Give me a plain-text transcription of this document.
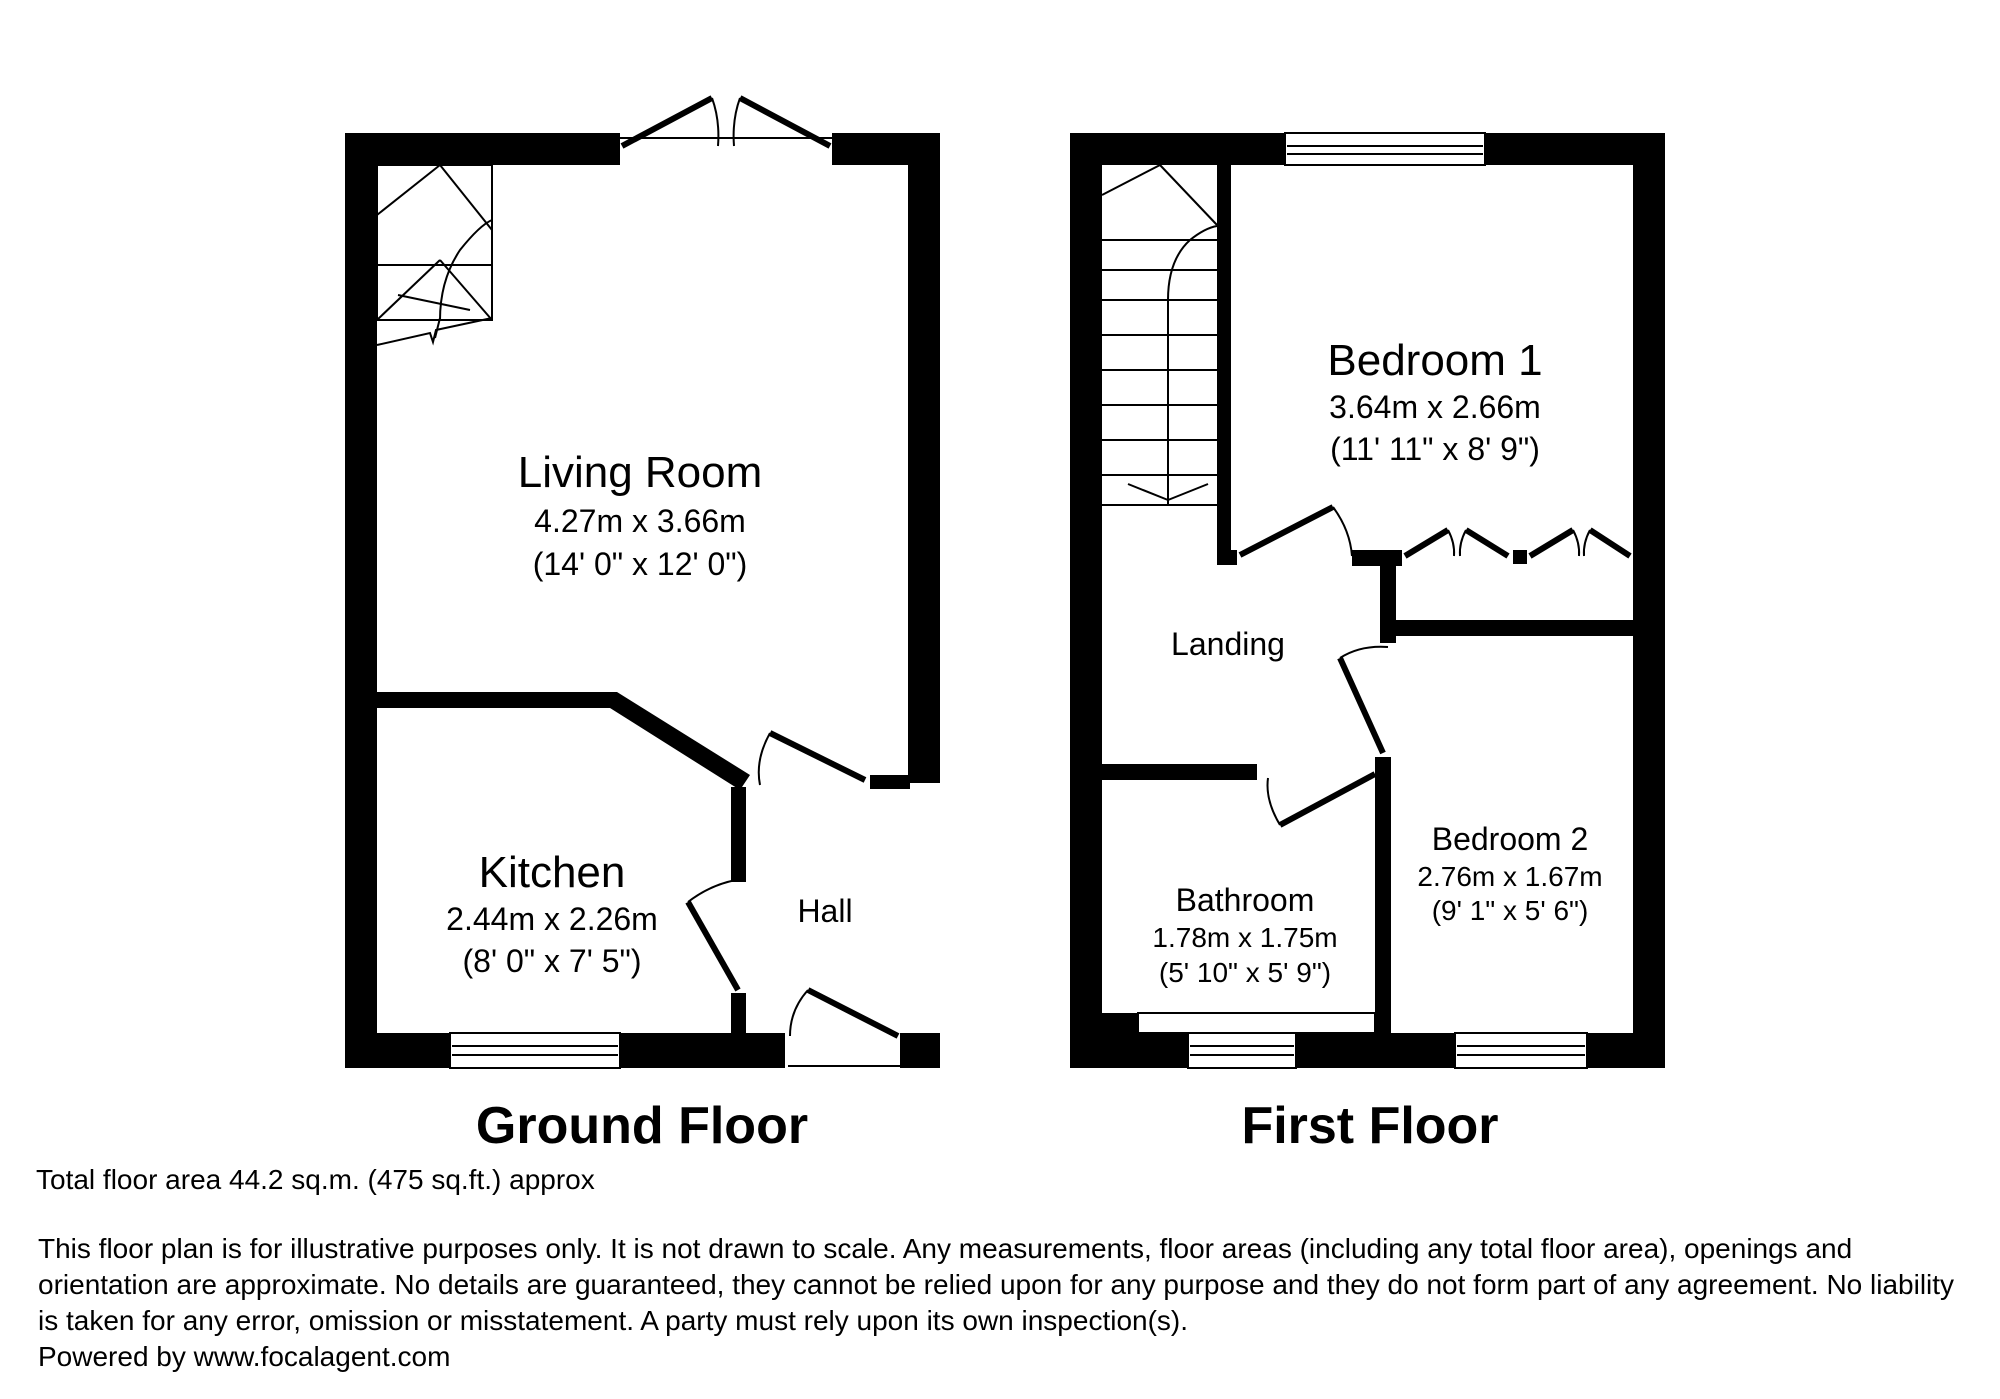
Living Room
4.27m x 3.66m
(14' 0" x 12' 0")
Kitchen
2.44m x 2.26m
(8' 0" x 7' 5")
Hall
Ground Floor
Bedroom 1
3.64m x 2.66m
(11' 11" x 8' 9")
Landing
Bedroom 2
2.76m x 1.67m
(9' 1" x 5' 6")
Bathroom
1.78m x 1.75m
(5' 10" x 5' 9")
First Floor
Total floor area 44.2 sq.m. (475 sq.ft.) approx
This floor plan is for illustrative purposes only. It is not drawn to scale. Any measurements, floor areas (including any total floor area), openings and orientation are approximate. No details are guaranteed, they cannot be relied upon for any purpose and they do not form part of any agreement. No liability is taken for any error, omission or misstatement. A party must rely upon its own inspection(s).
Powered by www.focalagent.com
